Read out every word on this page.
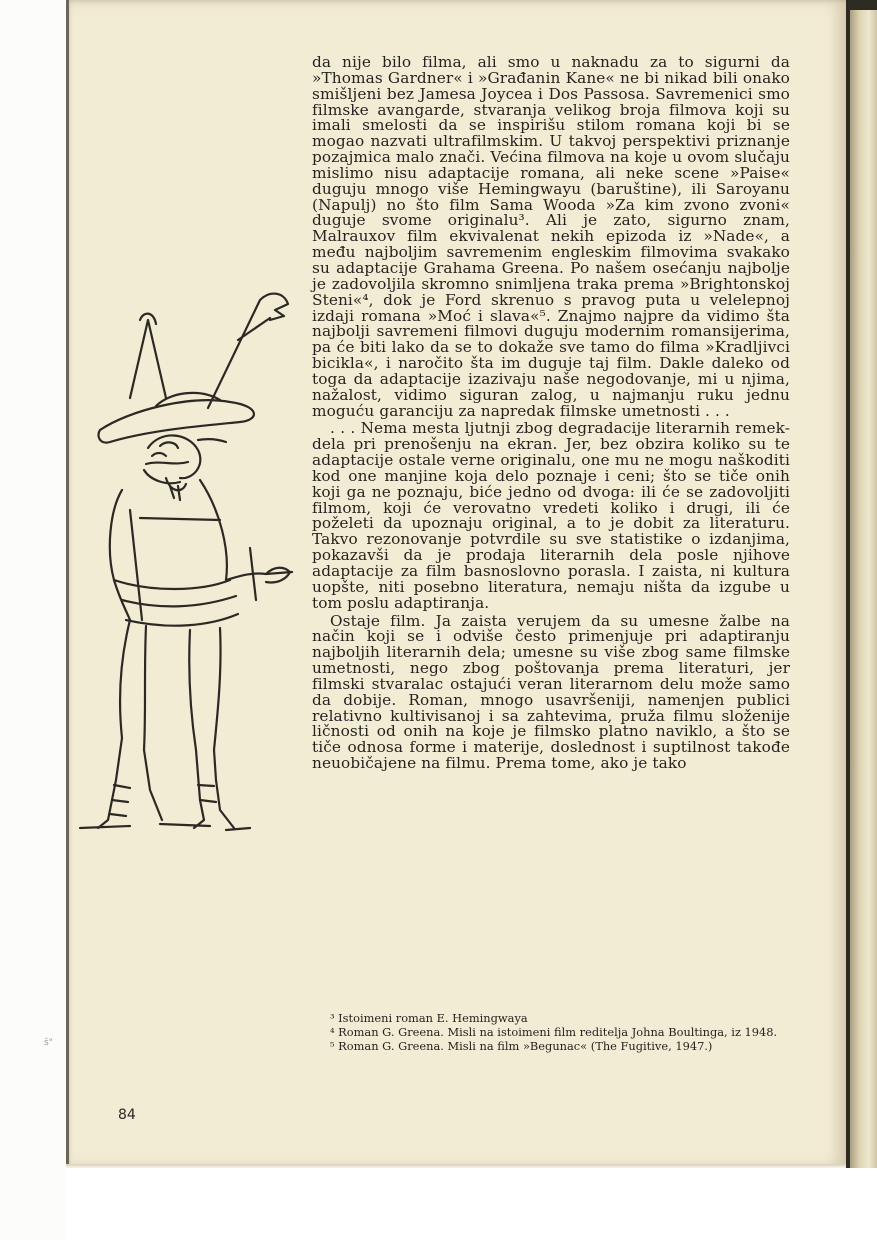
da nije bilo filma, ali smo u naknadu za to sigurni da »Thomas Gardner« i »Građanin Kane« ne bi nikad bili onako smišljeni bez Jamesa Joycea i Dos Passosa. Savremenici smo filmske avangarde, stvaranja velikog broja filmova koji su imali smelosti da se inspirišu stilom romana koji bi se mogao nazvati ultrafilmskim. U takvoj perspektivi priznanje pozajmica malo znači. Većina filmova na koje u ovom slučaju mislimo nisu adaptacije romana, ali neke scene »Paise« duguju mnogo više Hemingwayu (baruštine), ili Saroyanu (Napulj) no što film Sama Wooda »Za kim zvono zvoni« duguje svome originalu³. Ali je zato, sigurno znam, Malrauxov film ekvivalenat nekih epizoda iz »Nade«, a među najboljim savremenim engleskim filmovima svakako su adaptacije Grahama Greena. Po našem osećanju najbolje je zadovoljila skromno snimljena traka prema »Brightonskoj Steni«⁴, dok je Ford skrenuo s pravog puta u velelepnoj izdaji romana »Moć i slava«⁵. Znajmo najpre da vidimo šta najbolji savremeni filmovi duguju modernim romansijerima, pa će biti lako da se to dokaže sve tamo do filma »Kradljivci bicikla«, i naročito šta im duguje taj film. Dakle daleko od toga da adaptacije izazivaju naše negodovanje, mi u njima, nažalost, vidimo siguran zalog, u najmanju ruku jednu moguću garanciju za napredak filmske umetnosti . . .

. . . Nema mesta ljutnji zbog degradacije literarnih remek-dela pri prenošenju na ekran. Jer, bez obzira koliko su te adaptacije ostale verne originalu, one mu ne mogu naškoditi kod one manjine koja delo poznaje i ceni; što se tiče onih koji ga ne poznaju, biće jedno od dvoga: ili će se zadovoljiti filmom, koji će verovatno vredeti koliko i drugi, ili će poželeti da upoznaju original, a to je dobit za literaturu. Takvo rezonovanje potvrdile su sve statistike o izdanjima, pokazavši da je prodaja literarnih dela posle njihove adaptacije za film basnoslovno porasla. I zaista, ni kultura uopšte, niti posebno literatura, nemaju ništa da izgube u tom poslu adaptiranja.

Ostaje film. Ja zaista verujem da su umesne žalbe na način koji se i odviše često primenjuje pri adaptiranju najboljih literarnih dela; umesne su više zbog same filmske umetnosti, nego zbog poštovanja prema literaturi, jer filmski stvaralac ostajući veran literarnom delu može samo da dobije. Roman, mnogo usavršeniji, namenjen publici relativno kultivisanoj i sa zahtevima, pruža filmu složenije ličnosti od onih na koje je filmsko platno naviklo, a što se tiče odnosa forme i materije, doslednost i suptilnost takođe neuobičajene na filmu. Prema tome, ako je tako

³ Istoimeni roman E. Hemingwaya

⁴ Roman G. Greena. Misli na istoimeni film reditelja Johna Boultinga, iz 1948.

⁵ Roman G. Greena. Misli na film »Begunac« (The Fugitive, 1947.)

š"
84
